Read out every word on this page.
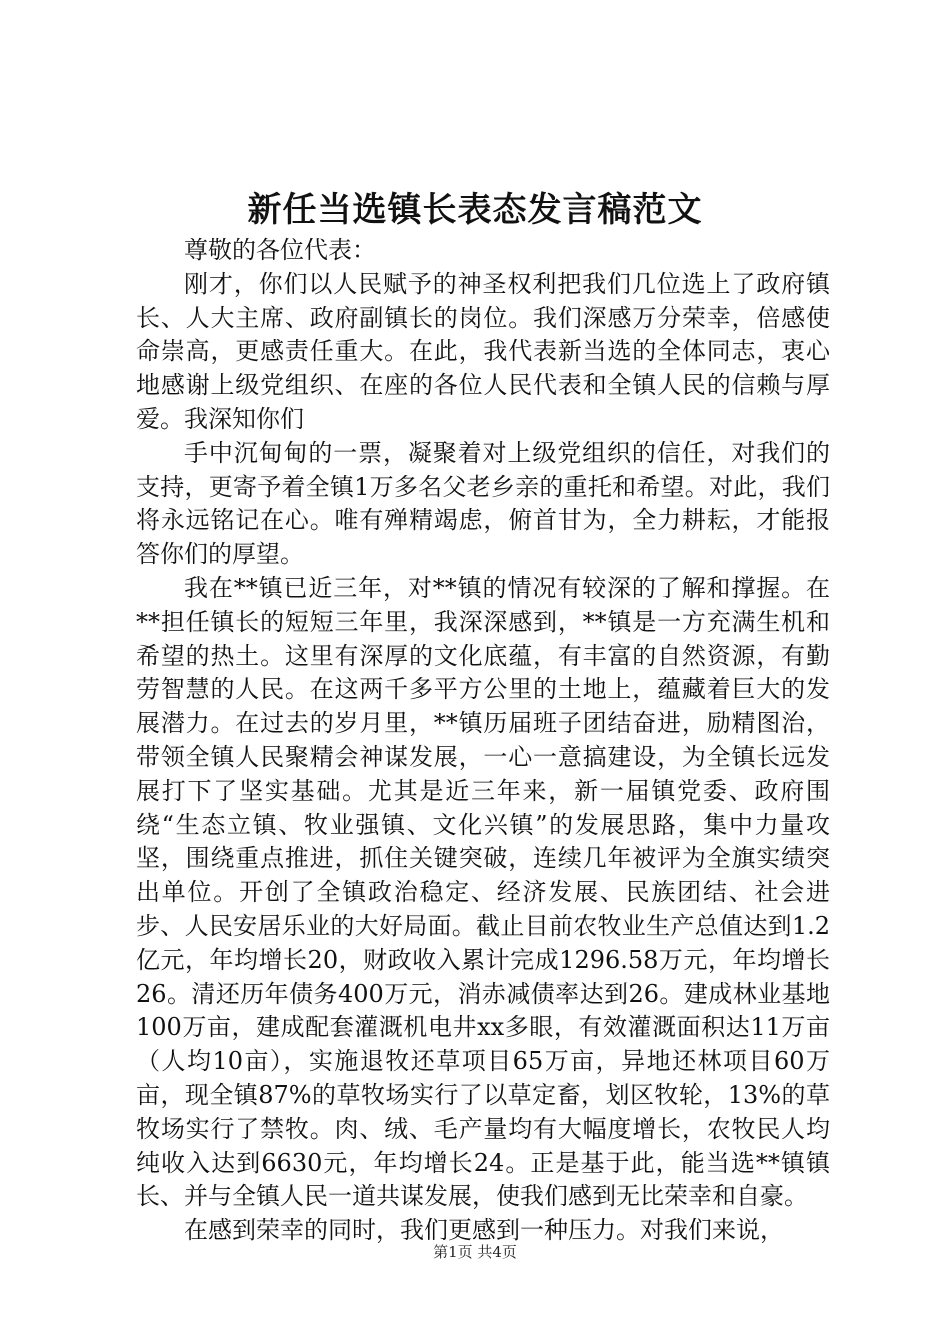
新任当选镇长表态发言稿范文

尊敬的各位代表：

刚才，你们以人民赋予的神圣权利把我们几位选上了政府镇长、人大主席、政府副镇长的岗位。我们深感万分荣幸，倍感使命崇高，更感责任重大。在此，我代表新当选的全体同志，衷心地感谢上级党组织、在座的各位人民代表和全镇人民的信赖与厚爱。我深知你们

手中沉甸甸的一票，凝聚着对上级党组织的信任，对我们的支持，更寄予着全镇1万多名父老乡亲的重托和希望。对此，我们将永远铭记在心。唯有殚精竭虑，俯首甘为，全力耕耘，才能报答你们的厚望。

我在**镇已近三年，对**镇的情况有较深的了解和撑握。在**担任镇长的短短三年里，我深深感到，**镇是一方充满生机和希望的热土。这里有深厚的文化底蕴，有丰富的自然资源，有勤劳智慧的人民。在这两千多平方公里的土地上，蕴藏着巨大的发展潜力。在过去的岁月里，**镇历届班子团结奋进，励精图治，带领全镇人民聚精会神谋发展，一心一意搞建设，为全镇长远发展打下了坚实基础。尤其是近三年来，新一届镇党委、政府围绕“生态立镇、牧业强镇、文化兴镇”的发展思路，集中力量攻坚，围绕重点推进，抓住关键突破，连续几年被评为全旗实绩突出单位。开创了全镇政治稳定、经济发展、民族团结、社会进步、人民安居乐业的大好局面。截止目前农牧业生产总值达到1.2亿元，年均增长20，财政收入累计完成1296.58万元，年均增长26。清还历年债务400万元，消赤减债率达到26。建成林业基地100万亩，建成配套灌溉机电井xx多眼，有效灌溉面积达11万亩（人均10亩），实施退牧还草项目65万亩，异地还林项目60万亩，现全镇87%的草牧场实行了以草定畜，划区牧轮，13%的草牧场实行了禁牧。肉、绒、毛产量均有大幅度增长，农牧民人均纯收入达到6630元，年均增长24。正是基于此，能当选**镇镇长、并与全镇人民一道共谋发展，使我们感到无比荣幸和自豪。

在感到荣幸的同时，我们更感到一种压力。对我们来说，

第1页 共4页
